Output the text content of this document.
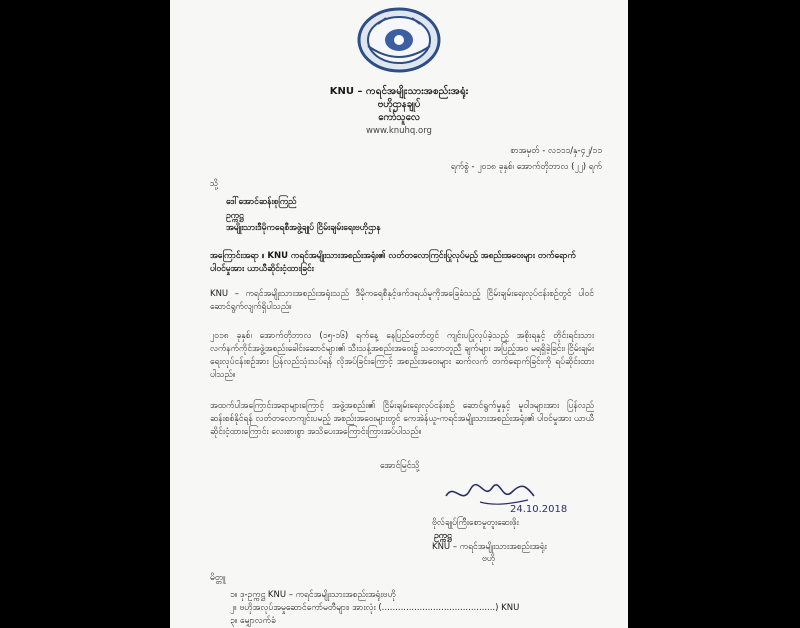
KNU – ကရင်အမျိုးသားအစည်းအရုံး
ဗဟိုဌာနချုပ်
ကော်သူလေ
www.knuhq.org
စာအမှတ် - လ၁၁၁/နှ-၄၂/၁၁
ရက်စွဲ - ၂၀၁၈ ခုနှစ်၊ အောက်တိုဘာလ (၂၂) ရက်
သို့
ဒေါ်အောင်ဆန်းစုကြည်
ဥက္ကဋ္ဌ
အမျိုးသားဒီမိုကရေစီအဖွဲ့ချုပ် ငြိမ်းချမ်းရေးဗဟိုဌာန
အကြောင်းအရာ ။ KNU ကရင်အမျိုးသားအစည်းအရုံး၏ လတ်တလောကြင်းပြုလုပ်မည့် အစည်းအဝေးများ တက်ရောက်ပါဝင်မှုအား ယာယီဆိုင်းငံ့ထားခြင်း
KNU – ကရင်အမျိုးသားအစည်းအရုံးသည် ဒီမိုကရေစီနှင့်ဖက်ဒရယ်မူကိုအခြေခံသည့် ငြိမ်းချမ်းရေးလုပ်ငန်းစဉ်တွင် ပါဝင်ဆောင်ရွက်လျက်ရှိပါသည်။
၂၀၁၈ ခုနှစ်၊ အောက်တိုဘာလ (၁၅-၁၆) ရက်နေ့ နေပြည်တော်တွင် ကျင်းပပြုလုပ်ခဲ့သည့် အစိုးရနှင့် တိုင်းရင်းသား လက်နက်ကိုင်အဖွဲ့အစည်းခေါင်းဆောင်များ၏ သီးသန့်အစည်းအဝေး၌ သဘောတူညီ ချက်များ အပြည့်အဝ မရရှိခဲ့ခြင်း၊ ငြိမ်းချမ်းရေးလုပ်ငန်းစဉ်အား ပြန်လည်သုံးသပ်ရန် လိုအပ်ခြင်းကြောင့် အစည်းအဝေးများ ဆက်လက် တက်ရောက်ခြင်းကို ရပ်ဆိုင်းထားပါသည်။
အထက်ပါအကြောင်းအရာများကြောင့် အဖွဲ့အစည်း၏ ငြိမ်းချမ်းရေးလုပ်ငန်းစဉ် ဆောင်ရွက်မှုနှင့် မူဝါဒများအား ပြန်လည် ဆန်းစစ်နိုင်ရန် လတ်တလောကျင်းပမည့် အစည်းအဝေးများတွင် ကေအဲန်ယူ-ကရင်အမျိုးသားအစည်းအရုံး၏ ပါဝင်မှုအား ယာယီဆိုင်းငံ့ထားကြောင်း လေးစားစွာ အသိပေးအကြောင်းကြားအပ်ပါသည်။
အောင်မြင်သို့
24.10.2018
ဗိုလ်ချုပ်ကြီးစောမူတူးဆေးဖိုး
ဥက္ကဋ္ဌ
KNU – ကရင်အမျိုးသားအစည်းအရုံး
ဗဟို
မိတ္တူ
၁။ ဒု-ဥက္ကဋ္ဌ KNU – ကရင်အမျိုးသားအစည်းအရုံးဗဟို
၂။ ဗဟိုအလုပ်အမှုဆောင်ကော်မတီများ၊ အားလုံး (..........................................) KNU
၃။ မျှောလက်ခံ
